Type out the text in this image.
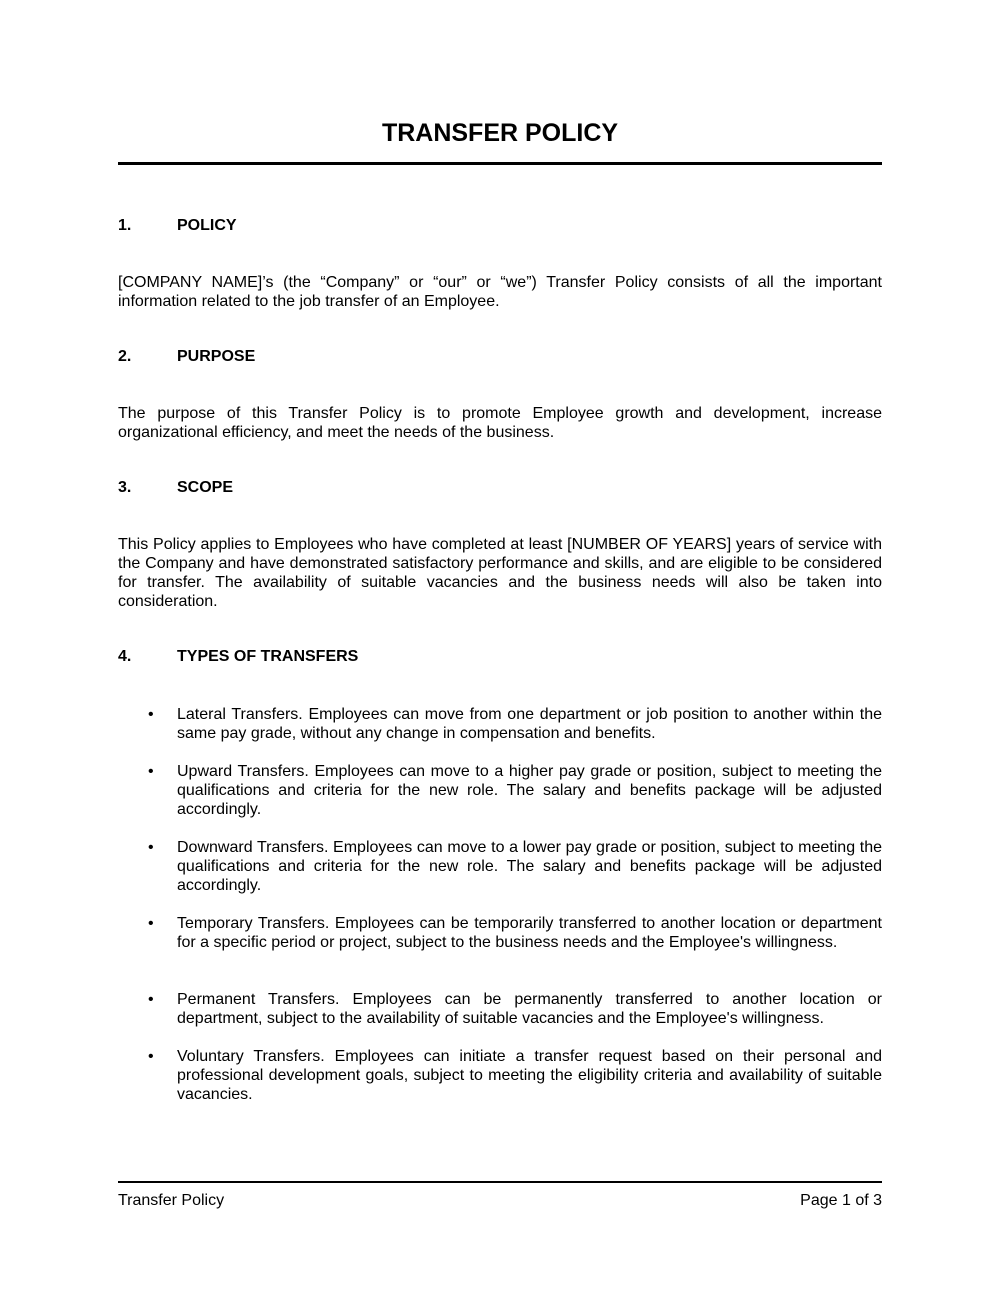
TRANSFER POLICY
1.	POLICY

[COMPANY NAME]’s (the “Company” or “our” or “we”) Transfer Policy consists of all the important information related to the job transfer of an Employee.

2.	PURPOSE

The purpose of this Transfer Policy is to promote Employee growth and development, increase organizational efficiency, and meet the needs of the business.

3.	SCOPE

This Policy applies to Employees who have completed at least [NUMBER OF YEARS] years of service with the Company and have demonstrated satisfactory performance and skills, and are eligible to be considered for transfer. The availability of suitable vacancies and the business needs will also be taken into consideration.

4.	TYPES OF TRANSFERS
• Lateral Transfers. Employees can move from one department or job position to another within the same pay grade, without any change in compensation and benefits.
• Upward Transfers. Employees can move to a higher pay grade or position, subject to meeting the qualifications and criteria for the new role. The salary and benefits package will be adjusted accordingly.
• Downward Transfers. Employees can move to a lower pay grade or position, subject to meeting the qualifications and criteria for the new role. The salary and benefits package will be adjusted accordingly.
• Temporary Transfers. Employees can be temporarily transferred to another location or department for a specific period or project, subject to the business needs and the Employee's willingness.
• Permanent Transfers. Employees can be permanently transferred to another location or department, subject to the availability of suitable vacancies and the Employee's willingness.
• Voluntary Transfers. Employees can initiate a transfer request based on their personal and professional development goals, subject to meeting the eligibility criteria and availability of suitable vacancies.
Transfer Policy	Page 1 of 3
